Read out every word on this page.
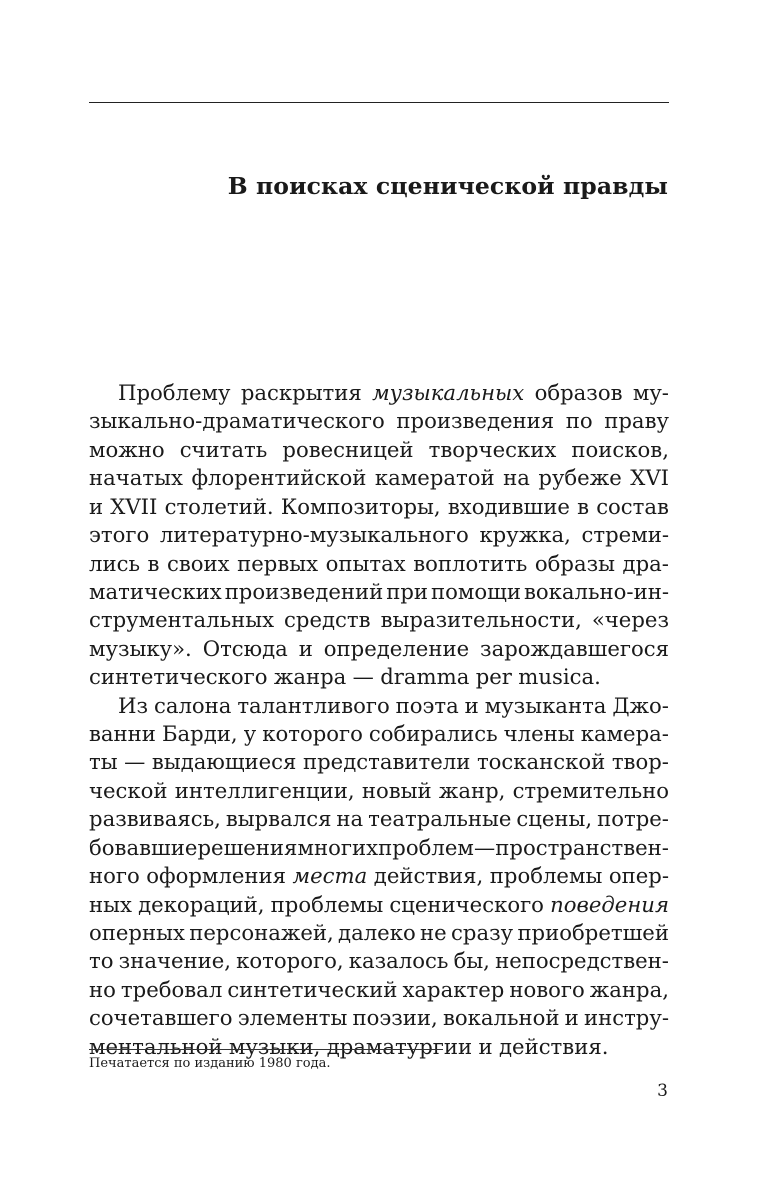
В поисках сценической правды
Проблему раскрытия музыкальных образов му-
зыкально-драматического произведения по праву
можно считать ровесницей творческих поисков,
начатых флорентийской камератой на рубеже XVI
и XVII столетий. Композиторы, входившие в состав
этого литературно-музыкального кружка, стреми-
лись в своих первых опытах воплотить образы дра-
матических произведений при помощи вокально-ин-
струментальных средств выразительности, «через
музыку». Отсюда и определение зарождавшегося
синтетического жанра — dramma per musica.
Из салона талантливого поэта и музыканта Джо-
ванни Барди, у которого собирались члены камера-
ты — выдающиеся представители тосканской твор-
ческой интеллигенции, новый жанр, стремительно
развиваясь, вырвался на театральные сцены, потре-
бовавшие решения многих проблем — пространствен-
ного оформления места действия, проблемы опер-
ных декораций, проблемы сценического поведения
оперных персонажей, далеко не сразу приобретшей
то значение, которого, казалось бы, непосредствен-
но требовал синтетический характер нового жанра,
сочетавшего элементы поэзии, вокальной и инстру-
ментальной музыки, драматургии и действия.
Печатается по изданию 1980 года.
3
